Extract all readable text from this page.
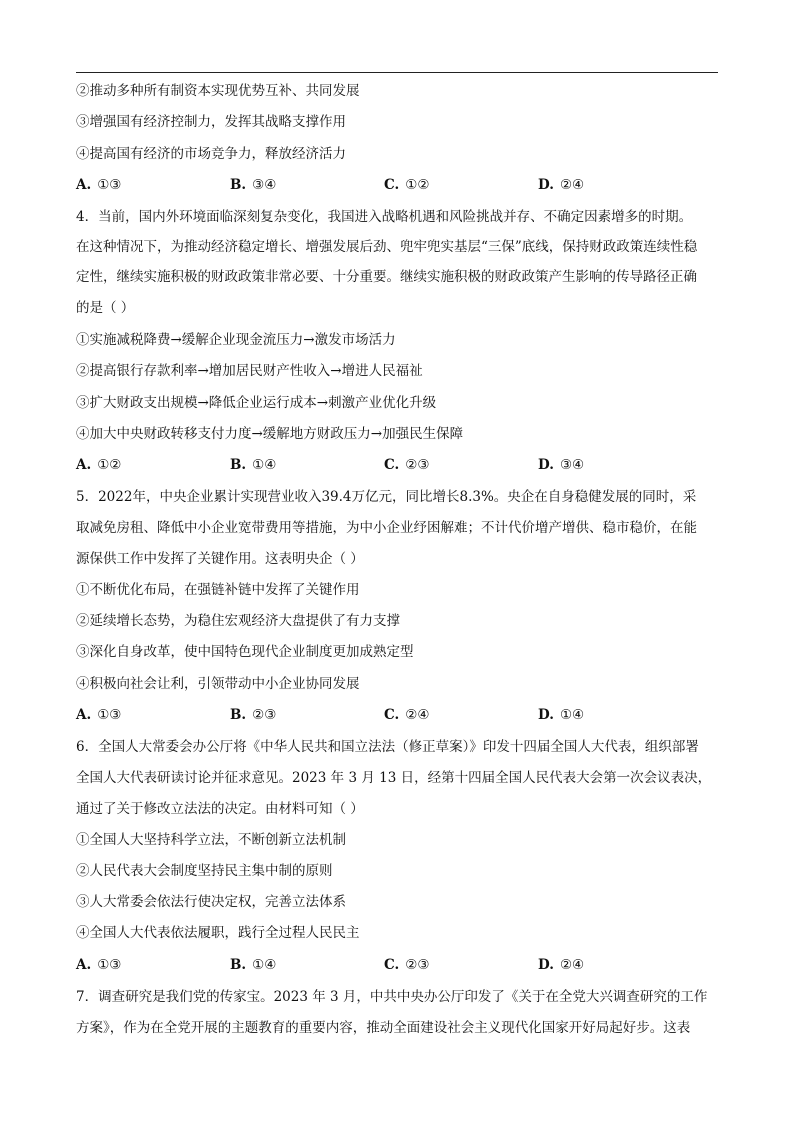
②推动多种所有制资本实现优势互补、共同发展
③增强国有经济控制力，发挥其战略支撑作用
④提高国有经济的市场竞争力，释放经济活力
A. ①③	B. ③④	C. ①②	D. ②④
4．当前，国内外环境面临深刻复杂变化，我国进入战略机遇和风险挑战并存、不确定因素增多的时期。
在这种情况下，为推动经济稳定增长、增强发展后劲、兜牢兜实基层“三保”底线，保持财政政策连续性稳
定性，继续实施积极的财政政策非常必要、十分重要。继续实施积极的财政政策产生影响的传导路径正确
的是（ ）
①实施减税降费→缓解企业现金流压力→激发市场活力
②提高银行存款利率→增加居民财产性收入→增进人民福祉
③扩大财政支出规模→降低企业运行成本→刺激产业优化升级
④加大中央财政转移支付力度→缓解地方财政压力→加强民生保障
A. ①②	B. ①④	C. ②③	D. ③④
5．2022年，中央企业累计实现营业收入39.4万亿元，同比增长8.3%。央企在自身稳健发展的同时，采
取减免房租、降低中小企业宽带费用等措施，为中小企业纾困解难；不计代价增产增供、稳市稳价，在能
源保供工作中发挥了关键作用。这表明央企（ ）
①不断优化布局，在强链补链中发挥了关键作用
②延续增长态势，为稳住宏观经济大盘提供了有力支撑
③深化自身改革，使中国特色现代企业制度更加成熟定型
④积极向社会让利，引领带动中小企业协同发展
A. ①③	B. ②③	C. ②④	D. ①④
6．全国人大常委会办公厅将《中华人民共和国立法法（修正草案）》印发十四届全国人大代表，组织部署
全国人大代表研读讨论并征求意见。2023 年 3 月 13 日，经第十四届全国人民代表大会第一次会议表决，
通过了关于修改立法法的决定。由材料可知（ ）
①全国人大坚持科学立法，不断创新立法机制
②人民代表大会制度坚持民主集中制的原则
③人大常委会依法行使决定权，完善立法体系
④全国人大代表依法履职，践行全过程人民民主
A. ①③	B. ①④	C. ②③	D. ②④
7．调查研究是我们党的传家宝。2023 年 3 月，中共中央办公厅印发了《关于在全党大兴调查研究的工作
方案》，作为在全党开展的主题教育的重要内容，推动全面建设社会主义现代化国家开好局起好步。这表
